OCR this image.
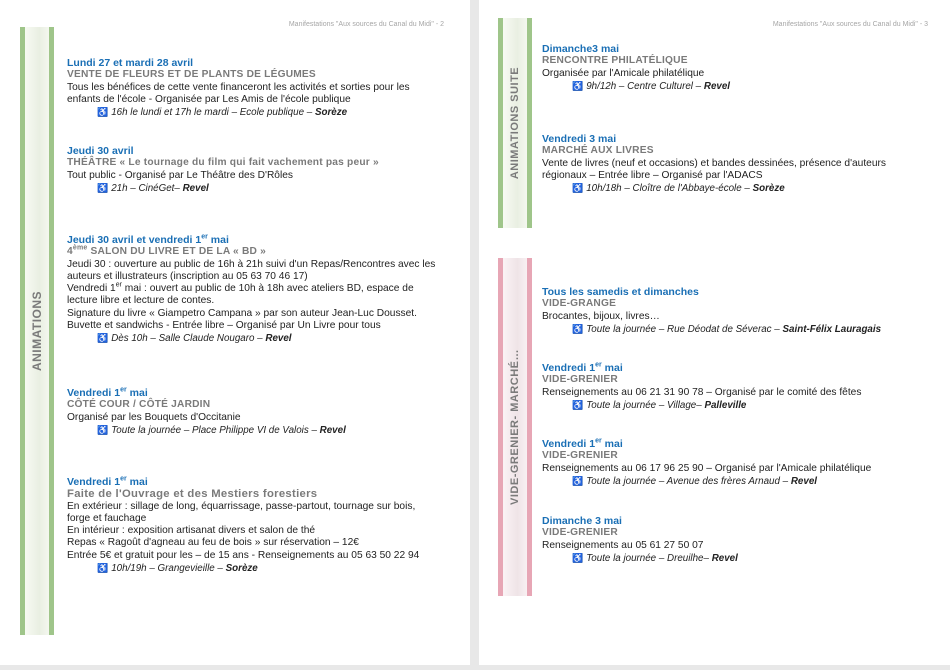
Manifestations "Aux sources du Canal du Midi" - 2
ANIMATIONS
Lundi 27 et mardi 28 avril
VENTE DE FLEURS ET DE PLANTS DE LÉGUMES
Tous les bénéfices de cette vente financeront les activités et sorties pour les
enfants de l'école - Organisée par Les Amis de l'école publique
♿ 16h le lundi et 17h le mardi – Ecole publique – Sorèze
Jeudi 30 avril
THÉÂTRE « Le tournage du film qui fait vachement pas peur »
Tout public - Organisé par Le Théâtre des D'Rôles
♿ 21h – CinéGet– Revel
Jeudi 30 avril et vendredi 1er mai
4ème SALON DU LIVRE ET DE LA « BD »
Jeudi 30 : ouverture au public de 16h à 21h suivi d'un Repas/Rencontres avec les
auteurs et illustrateurs (inscription au 05 63 70 46 17)
Vendredi 1er mai : ouvert au public de 10h à 18h avec ateliers BD, espace de
lecture libre et lecture de contes.
Signature du livre « Giampetro Campana » par son auteur Jean-Luc Dousset.
Buvette et sandwichs - Entrée libre – Organisé par Un Livre pour tous
♿ Dès 10h – Salle Claude Nougaro – Revel
Vendredi 1er mai
CÔTÉ COUR / CÔTÉ JARDIN
Organisé par les Bouquets d'Occitanie
♿ Toute la journée – Place Philippe VI de Valois – Revel
Vendredi 1er mai
Faite de l'Ouvrage et des Mestiers forestiers
En extérieur : sillage de long, équarrissage, passe-partout, tournage sur bois,
forge et fauchage
En intérieur : exposition artisanat divers et salon de thé
Repas « Ragoût d'agneau au feu de bois » sur réservation – 12€
Entrée 5€ et gratuit pour les – de 15 ans - Renseignements au 05 63 50 22 94
♿ 10h/19h – Grangevieille – Sorèze
Manifestations "Aux sources du Canal du Midi" - 3
ANIMATIONS SUITE
VIDE-GRENIER- MARCHÉ…
Dimanche3 mai
RENCONTRE PHILATÉLIQUE
Organisée par l'Amicale philatélique
♿ 9h/12h – Centre Culturel – Revel
Vendredi 3 mai
MARCHÉ AUX LIVRES
Vente de livres (neuf et occasions) et bandes dessinées, présence d'auteurs
régionaux – Entrée libre – Organisé par l'ADACS
♿ 10h/18h – Cloître de l'Abbaye-école – Sorèze
Tous les samedis et dimanches
VIDE-GRANGE
Brocantes, bijoux, livres…
♿ Toute la journée – Rue Déodat de Séverac – Saint-Félix Lauragais
Vendredi 1er mai
VIDE-GRENIER
Renseignements au 06 21 31 90 78 – Organisé par le comité des fêtes
♿ Toute la journée – Village– Palleville
Vendredi 1er mai
VIDE-GRENIER
Renseignements au 06 17 96 25 90 – Organisé par l'Amicale philatélique
♿ Toute la journée – Avenue des frères Arnaud – Revel
Dimanche 3 mai
VIDE-GRENIER
Renseignements au 05 61 27 50 07
♿ Toute la journée – Dreuilhe– Revel
